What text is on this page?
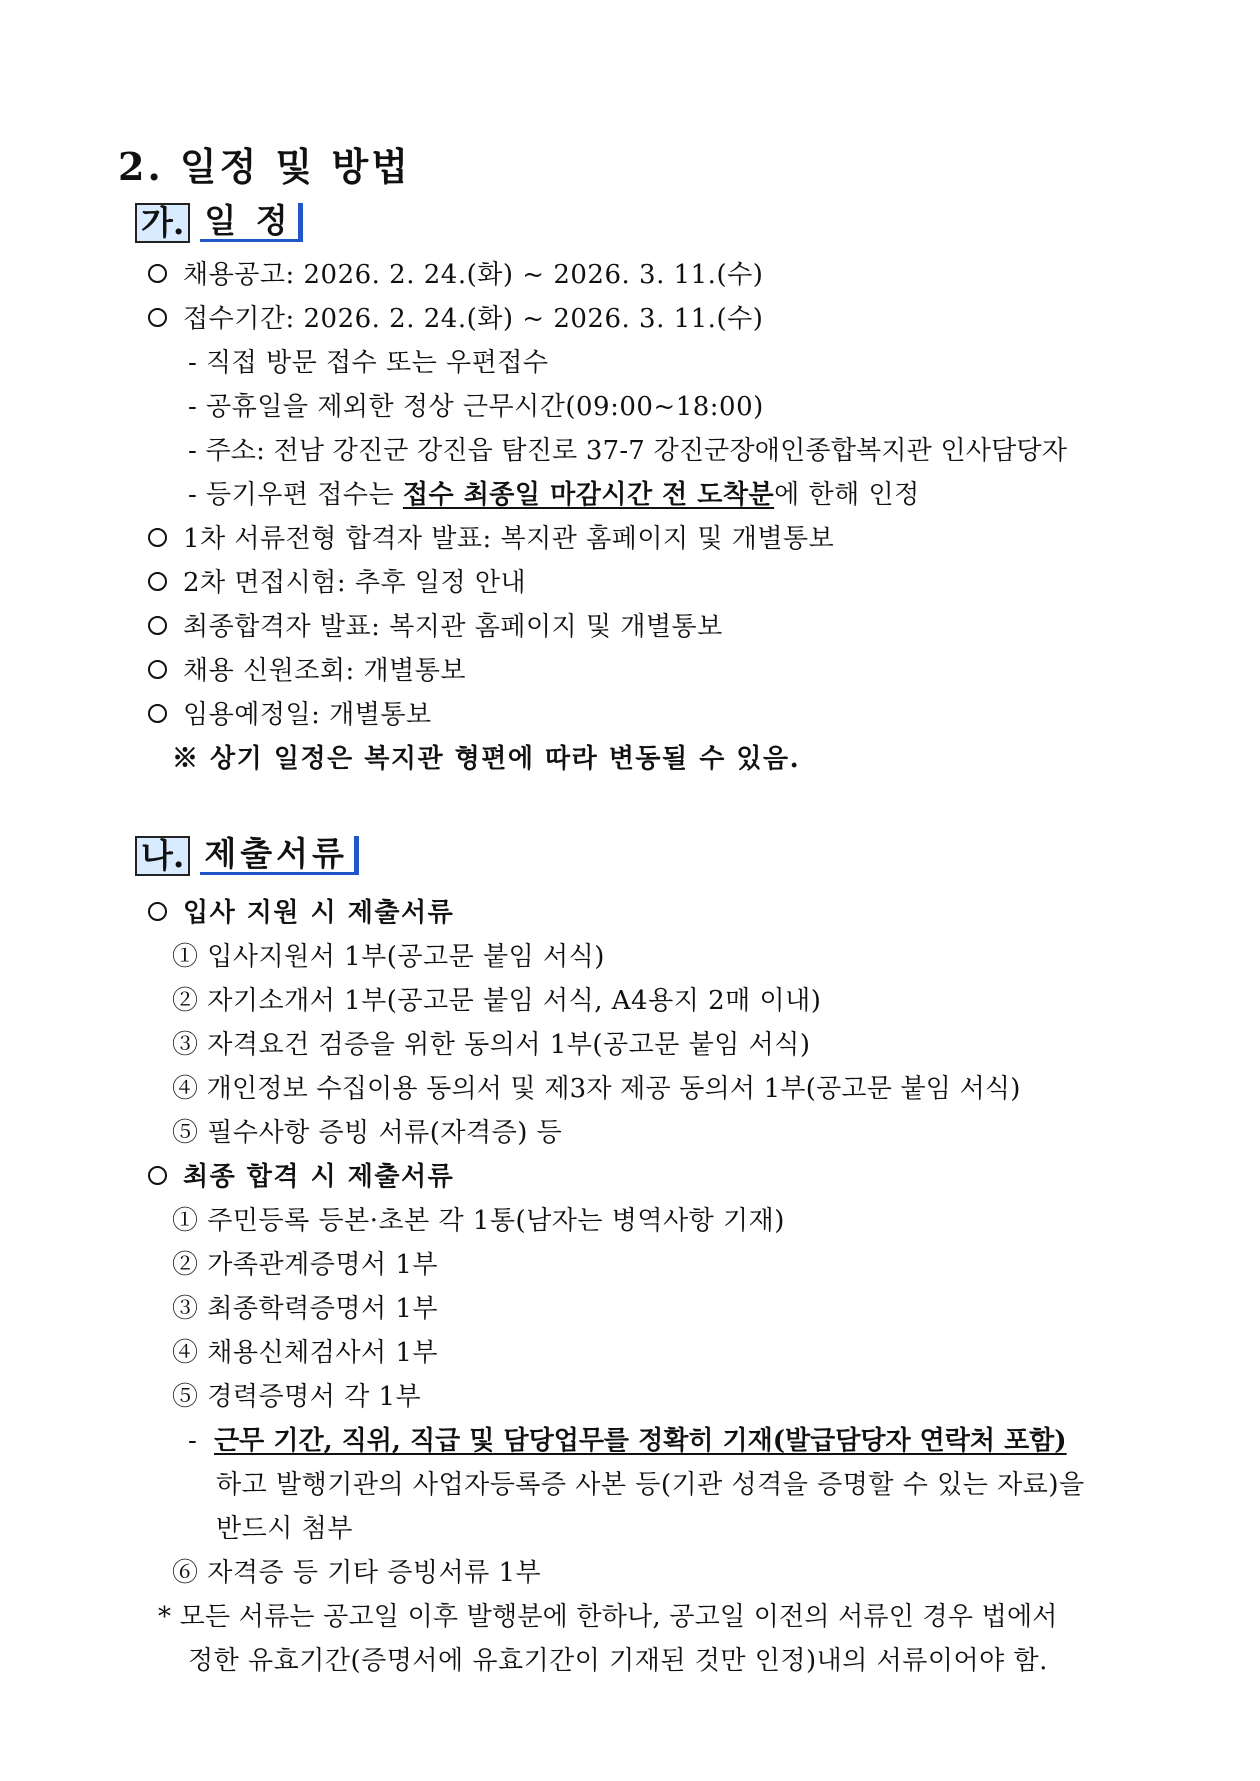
2. 일정 및 방법
가. 일 정
채용공고: 2026. 2. 24.(화) ~ 2026. 3. 11.(수)
접수기간: 2026. 2. 24.(화) ~ 2026. 3. 11.(수)
- 직접 방문 접수 또는 우편접수
- 공휴일을 제외한 정상 근무시간(09:00~18:00)
- 주소: 전남 강진군 강진읍 탐진로 37-7 강진군장애인종합복지관 인사담당자
- 등기우편 접수는 접수 최종일 마감시간 전 도착분에 한해 인정
1차 서류전형 합격자 발표: 복지관 홈페이지 및 개별통보
2차 면접시험: 추후 일정 안내
최종합격자 발표: 복지관 홈페이지 및 개별통보
채용 신원조회: 개별통보
임용예정일: 개별통보
※ 상기 일정은 복지관 형편에 따라 변동될 수 있음.
나. 제출서류
입사 지원 시 제출서류
① 입사지원서 1부(공고문 붙임 서식)
② 자기소개서 1부(공고문 붙임 서식, A4용지 2매 이내)
③ 자격요건 검증을 위한 동의서 1부(공고문 붙임 서식)
④ 개인정보 수집이용 동의서 및 제3자 제공 동의서 1부(공고문 붙임 서식)
⑤ 필수사항 증빙 서류(자격증) 등
최종 합격 시 제출서류
① 주민등록 등본·초본 각 1통(남자는 병역사항 기재)
② 가족관계증명서 1부
③ 최종학력증명서 1부
④ 채용신체검사서 1부
⑤ 경력증명서 각 1부
- 근무 기간, 직위, 직급 및 담당업무를 정확히 기재(발급담당자 연락처 포함)
하고 발행기관의 사업자등록증 사본 등(기관 성격을 증명할 수 있는 자료)을
반드시 첨부
⑥ 자격증 등 기타 증빙서류 1부
* 모든 서류는 공고일 이후 발행분에 한하나, 공고일 이전의 서류인 경우 법에서
정한 유효기간(증명서에 유효기간이 기재된 것만 인정)내의 서류이어야 함.
